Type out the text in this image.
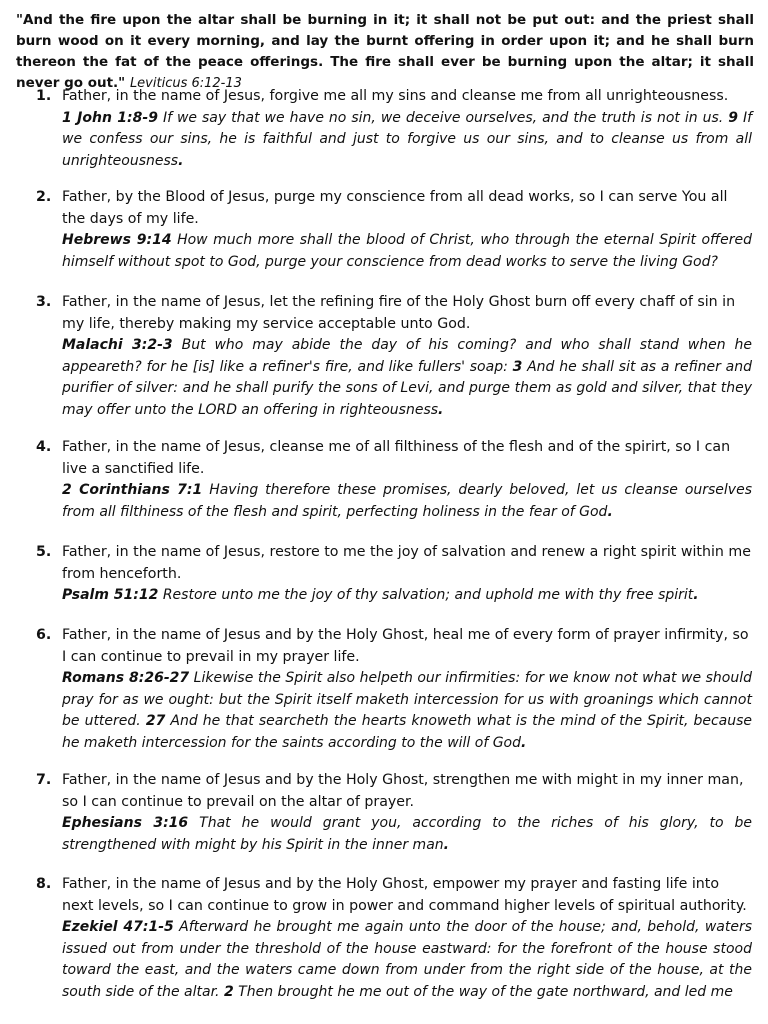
"And the fire upon the altar shall be burning in it; it shall not be put out: and the priest shall burn wood on it every morning, and lay the burnt offering in order upon it; and he shall burn thereon the fat of the peace offerings. The fire shall ever be burning upon the altar; it shall never go out." Leviticus 6:12-13
1. Father, in the name of Jesus, forgive me all my sins and cleanse me from all unrighteousness.
1 John 1:8-9 If we say that we have no sin, we deceive ourselves, and the truth is not in us. 9 If we confess our sins, he is faithful and just to forgive us our sins, and to cleanse us from all unrighteousness.
2. Father, by the Blood of Jesus, purge my conscience from all dead works, so I can serve You all the days of my life.
Hebrews 9:14 How much more shall the blood of Christ, who through the eternal Spirit offered himself without spot to God, purge your conscience from dead works to serve the living God?
3. Father, in the name of Jesus, let the refining fire of the Holy Ghost burn off every chaff of sin in my life, thereby making my service acceptable unto God.
Malachi 3:2-3 But who may abide the day of his coming? and who shall stand when he appeareth? for he [is] like a refiner's fire, and like fullers' soap: 3 And he shall sit as a refiner and purifier of silver: and he shall purify the sons of Levi, and purge them as gold and silver, that they may offer unto the LORD an offering in righteousness.
4. Father, in the name of Jesus, cleanse me of all filthiness of the flesh and of the spirirt, so I can live a sanctified life.
2 Corinthians 7:1 Having therefore these promises, dearly beloved, let us cleanse ourselves from all filthiness of the flesh and spirit, perfecting holiness in the fear of God.
5. Father, in the name of Jesus, restore to me the joy of salvation and renew a right spirit within me from henceforth.
Psalm 51:12 Restore unto me the joy of thy salvation; and uphold me with thy free spirit.
6. Father, in the name of Jesus and by the Holy Ghost, heal me of every form of prayer infirmity, so I can continue to prevail in my prayer life.
Romans 8:26-27 Likewise the Spirit also helpeth our infirmities: for we know not what we should pray for as we ought: but the Spirit itself maketh intercession for us with groanings which cannot be uttered. 27 And he that searcheth the hearts knoweth what is the mind of the Spirit, because he maketh intercession for the saints according to the will of God.
7. Father, in the name of Jesus and by the Holy Ghost, strengthen me with might in my inner man, so I can continue to prevail on the altar of prayer.
Ephesians 3:16 That he would grant you, according to the riches of his glory, to be strengthened with might by his Spirit in the inner man.
8. Father, in the name of Jesus and by the Holy Ghost, empower my prayer and fasting life into next levels, so I can continue to grow in power and command higher levels of spiritual authority.
Ezekiel 47:1-5 Afterward he brought me again unto the door of the house; and, behold, waters issued out from under the threshold of the house eastward: for the forefront of the house stood toward the east, and the waters came down from under from the right side of the house, at the south side of the altar. 2 Then brought he me out of the way of the gate northward, and led me
